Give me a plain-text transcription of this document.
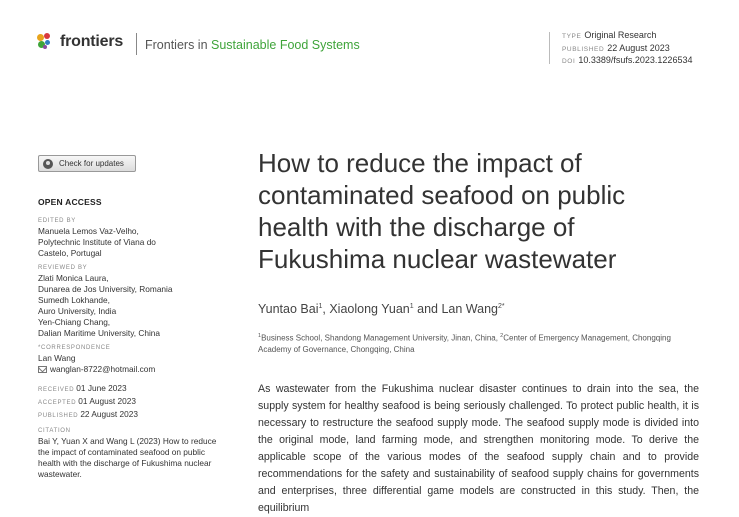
frontiers Frontiers in Sustainable Food Systems
TYPE Original Research
PUBLISHED 22 August 2023
DOI 10.3389/fsufs.2023.1226534
Check for updates
OPEN ACCESS
EDITED BY
Manuela Lemos Vaz-Velho,
Polytechnic Institute of Viana do
Castelo, Portugal
REVIEWED BY
Zlati Monica Laura,
Dunarea de Jos University, Romania
Sumedh Lokhande,
Auro University, India
Yen-Chiang Chang,
Dalian Maritime University, China
*CORRESPONDENCE
Lan Wang
wanglan-8722@hotmail.com
RECEIVED 01 June 2023
ACCEPTED 01 August 2023
PUBLISHED 22 August 2023
CITATION
Bai Y, Yuan X and Wang L (2023) How to reduce
the impact of contaminated seafood on public
health with the discharge of Fukushima nuclear
wastewater.
How to reduce the impact of contaminated seafood on public health with the discharge of Fukushima nuclear wastewater
Yuntao Bai$^1$, Xiaolong Yuan$^1$ and Lan Wang$^{2*}$
$^1$Business School, Shandong Management University, Jinan, China, $^2$Center of Emergency Management, Chongqing Academy of Governance, Chongqing, China
As wastewater from the Fukushima nuclear disaster continues to drain into the sea, the supply system for healthy seafood is being seriously challenged. To protect public health, it is necessary to restructure the seafood supply mode. The seafood supply mode is divided into the original mode, land farming mode, and strengthen monitoring mode. To derive the applicable scope of the various modes of the seafood supply chain and to provide recommendations for the safety and sustainability of seafood supply chains for governments and enterprises, three differential game models are constructed in this study. Then, the equilibrium
